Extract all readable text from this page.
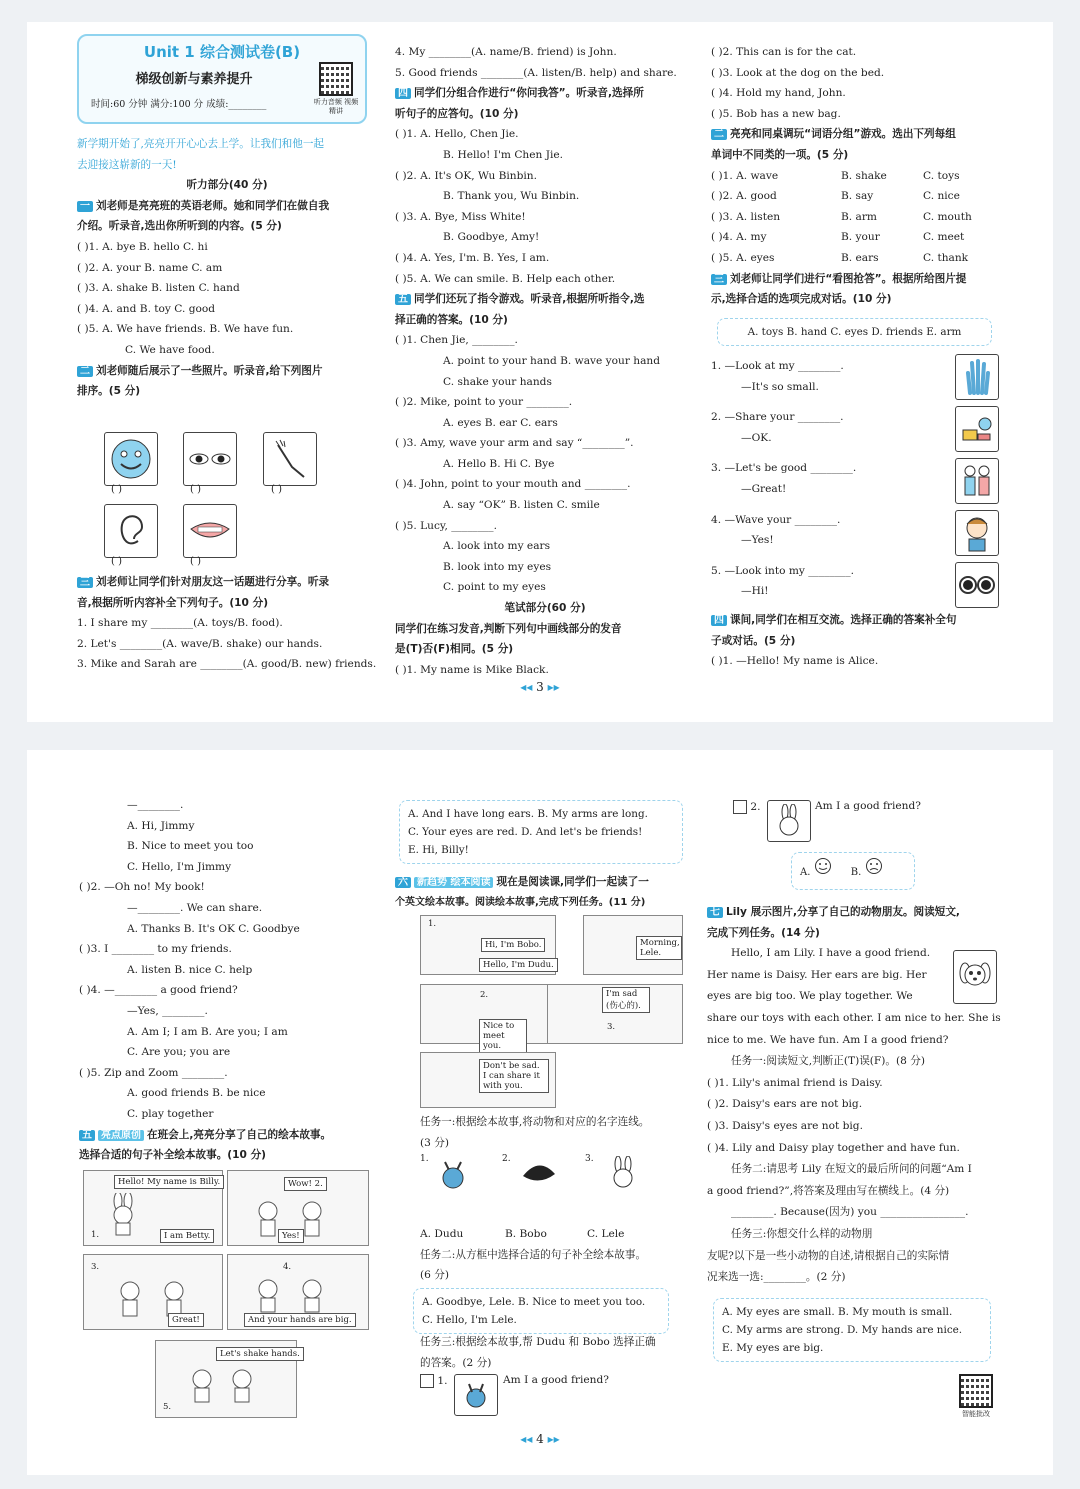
Unit 1 综合测试卷(B)
梯级创新与素养提升
时间:60 分钟 满分:100 分 成绩:________	听力音频 视频精讲
新学期开始了,亮亮开开心心去上学。让我们和他一起
去迎接这崭新的一天!
听力部分(40 分)
一 刘老师是亮亮班的英语老师。她和同学们在做自我
介绍。听录音,选出你所听到的内容。(5 分)
( )1. A. bye B. hello C. hi
( )2. A. your B. name C. am
( )3. A. shake B. listen C. hand
( )4. A. and B. toy C. good
( )5. A. We have friends. B. We have fun.
C. We have food.
二 刘老师随后展示了一些照片。听录音,给下列图片
排序。(5 分)
( )	( )	( )
( )	( )
三 刘老师让同学们针对朋友这一话题进行分享。听录
音,根据所听内容补全下列句子。(10 分)
1. I share my ________(A. toys/B. food).
2. Let's ________(A. wave/B. shake) our hands.
3. Mike and Sarah are ________(A. good/B. new) friends.
4. My ________(A. name/B. friend) is John.
5. Good friends ________(A. listen/B. help) and share.
四 同学们分组合作进行“你问我答”。听录音,选择所
听句子的应答句。(10 分)
( )1. A. Hello, Chen Jie.
B. Hello! I'm Chen Jie.
( )2. A. It's OK, Wu Binbin.
B. Thank you, Wu Binbin.
( )3. A. Bye, Miss White!
B. Goodbye, Amy!
( )4. A. Yes, I'm. B. Yes, I am.
( )5. A. We can smile. B. Help each other.
五 同学们还玩了指令游戏。听录音,根据所听指令,选
择正确的答案。(10 分)
( )1. Chen Jie, ________.
A. point to your hand B. wave your hand
C. shake your hands
( )2. Mike, point to your ________.
A. eyes B. ear C. ears
( )3. Amy, wave your arm and say “________”.
A. Hello B. Hi C. Bye
( )4. John, point to your mouth and ________.
A. say “OK” B. listen C. smile
( )5. Lucy, ________.
A. look into my ears
B. look into my eyes
C. point to my eyes
笔试部分(60 分)
同学们在练习发音,判断下列句中画线部分的发音
是(T)否(F)相同。(5 分)
( )1. My name is Mike Black.
( )2. This can is for the cat.
( )3. Look at the dog on the bed.
( )4. Hold my hand, John.
( )5. Bob has a new bag.
二 亮亮和同桌调玩“词语分组”游戏。选出下列每组
单词中不同类的一项。(5 分)
( )1. A. wave	B. shake	C. toys
( )2. A. good	B. say	C. nice
( )3. A. listen	B. arm	C. mouth
( )4. A. my	B. your	C. meet
( )5. A. eyes	B. ears	C. thank
三 刘老师让同学们进行“看图抢答”。根据所给图片提
示,选择合适的选项完成对话。(10 分)
A. toys B. hand C. eyes D. friends E. arm
1. —Look at my ________.
—It's so small.
2. —Share your ________.
—OK.
3. —Let's be good ________.
—Great!
4. —Wave your ________.
—Yes!
5. —Look into my ________.
—Hi!
四 课间,同学们在相互交流。选择正确的答案补全句
子或对话。(5 分)
( )1. —Hello! My name is Alice.
◂◂ 3 ▸▸
—________.
A. Hi, Jimmy
B. Nice to meet you too
C. Hello, I'm Jimmy
( )2. —Oh no! My book!
—________. We can share.
A. Thanks B. It's OK C. Goodbye
( )3. I ________ to my friends.
A. listen B. nice C. help
( )4. —________ a good friend?
—Yes, ________.
A. Am I; I am B. Are you; I am
C. Are you; you are
( )5. Zip and Zoom ________.
A. good friends B. be nice
C. play together
五 亮点原创 在班会上,亮亮分享了自己的绘本故事。
选择合适的句子补全绘本故事。(10 分)
Hello! My name is Billy.
1.	I am Betty.
Wow! 2.
Yes!
3.
Great!
4.
And your hands are big.
Let's shake hands.
5.
A. And I have long ears. B. My arms are long.
C. Your eyes are red. D. And let's be friends!
E. Hi, Billy!
六 新趋势 绘本阅读 现在是阅读课,同学们一起读了一
个英文绘本故事。阅读绘本故事,完成下列任务。(11 分)
1.
Hi, I'm Bobo.
Hello, I'm Dudu.
Morning, Lele.
2.
Nice to meet you.
I'm sad (伤心的).
3.
Don't be sad. I can share it with you.
任务一:根据绘本故事,将动物和对应的名字连线。
(3 分)
1.	2.	3.
A. Dudu	B. Bobo	C. Lele
任务二:从方框中选择合适的句子补全绘本故事。
(6 分)
A. Goodbye, Lele. B. Nice to meet you too.
C. Hello, I'm Lele.
任务三:根据绘本故事,帮 Dudu 和 Bobo 选择正确
的答案。(2 分)
1.	Am I a good friend?
2.	Am I a good friend?
A.	B.
七 Lily 展示图片,分享了自己的动物朋友。阅读短文,
完成下列任务。(14 分)
Hello, I am Lily. I have a good friend.
Her name is Daisy. Her ears are big. Her
eyes are big too. We play together. We
share our toys with each other. I am nice to her. She is
nice to me. We have fun. Am I a good friend?
任务一:阅读短文,判断正(T)误(F)。(8 分)
( )1. Lily's animal friend is Daisy.
( )2. Daisy's ears are not big.
( )3. Daisy's eyes are not big.
( )4. Lily and Daisy play together and have fun.
任务二:请思考 Lily 在短文的最后所问的问题“Am I
a good friend?”,将答案及理由写在横线上。(4 分)
________. Because(因为) you ________________.
任务三:你想交什么样的动物朋
友呢?以下是一些小动物的自述,请根据自己的实际情
况来选一选:________。(2 分)
A. My eyes are small. B. My mouth is small.
C. My arms are strong. D. My hands are nice.
E. My eyes are big.
智能批改
◂◂ 4 ▸▸
